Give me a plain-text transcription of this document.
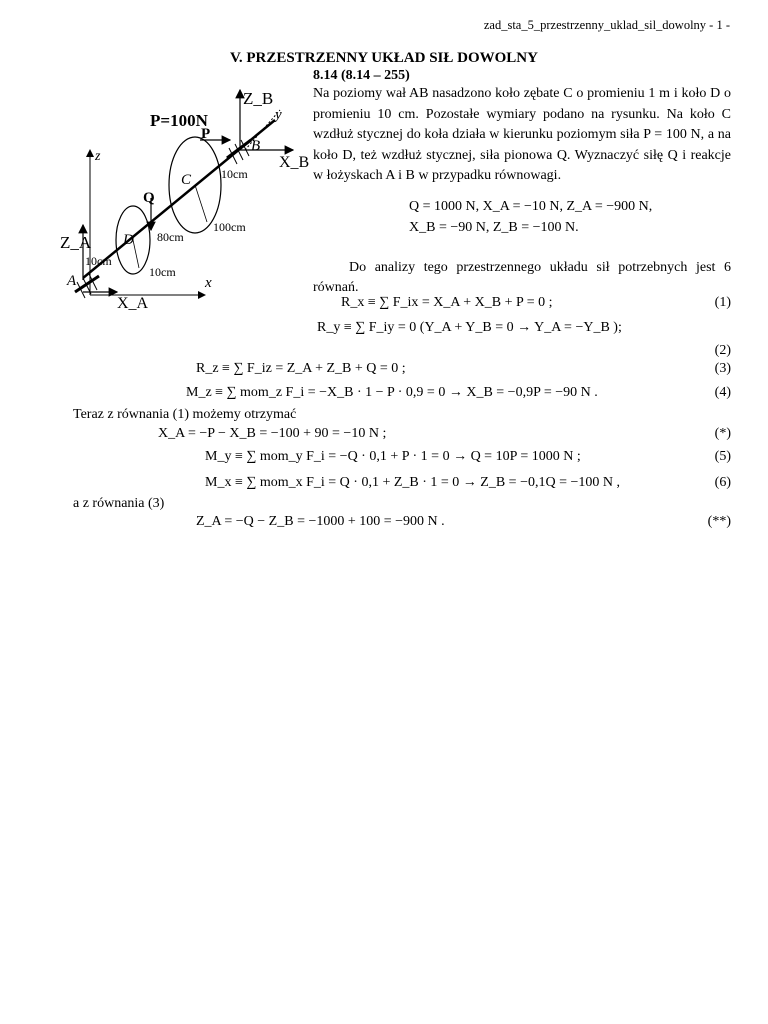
zad_sta_5_przestrzenny_uklad_sil_dowolny - 1 -
V. PRZESTRZENNY UKŁAD SIŁ DOWOLNY
8.14 (8.14 – 255)
Na poziomy wał AB nasadzono koło zębate C o promieniu 1 m i koło D o promieniu 10 cm. Pozostałe wymiary podano na rysunku. Na koło C wzdłuż stycznej do koła działa w kierunku poziomym siła P = 100 N, a na koło D, też wzdłuż stycznej, siła pionowa Q. Wyznaczyć siłę Q i reakcje w łożyskach A i B w przypadku równowagi.
Q = 1000 N, X_A = −10 N, Z_A = −900 N,
X_B = −90 N, Z_B = −100 N.
Do analizy tego przestrzennego układu sił potrzebnych jest 6 równań.
R_x ≡ ∑ F_ix = X_A + X_B + P = 0 ;	(1)
R_y ≡ ∑ F_iy = 0 (Y_A + Y_B = 0 → Y_A = −Y_B );
(2)
R_z ≡ ∑ F_iz = Z_A + Z_B + Q = 0 ;	(3)
M_z ≡ ∑ mom_z F_i = −X_B · 1 − P · 0,9 = 0 → X_B = −0,9P = −90 N .	(4)
Teraz z równania (1) możemy otrzymać
X_A = −P − X_B = −100 + 90 = −10 N ;	(*)
M_y ≡ ∑ mom_y F_i = −Q · 0,1 + P · 1 = 0 → Q = 10P = 1000 N ;	(5)
M_x ≡ ∑ mom_x F_i = Q · 0,1 + Z_B · 1 = 0 → Z_B = −0,1Q = −100 N ,	(6)
a z równania (3)
Z_A = −Q − Z_B = −1000 + 100 = −900 N .	(**)
P=100N
P
Q
Z_B
y
B
X_B
z
C 10cm
100cm
Z_A D 80cm
10cm
10cm
A	x
X_A
